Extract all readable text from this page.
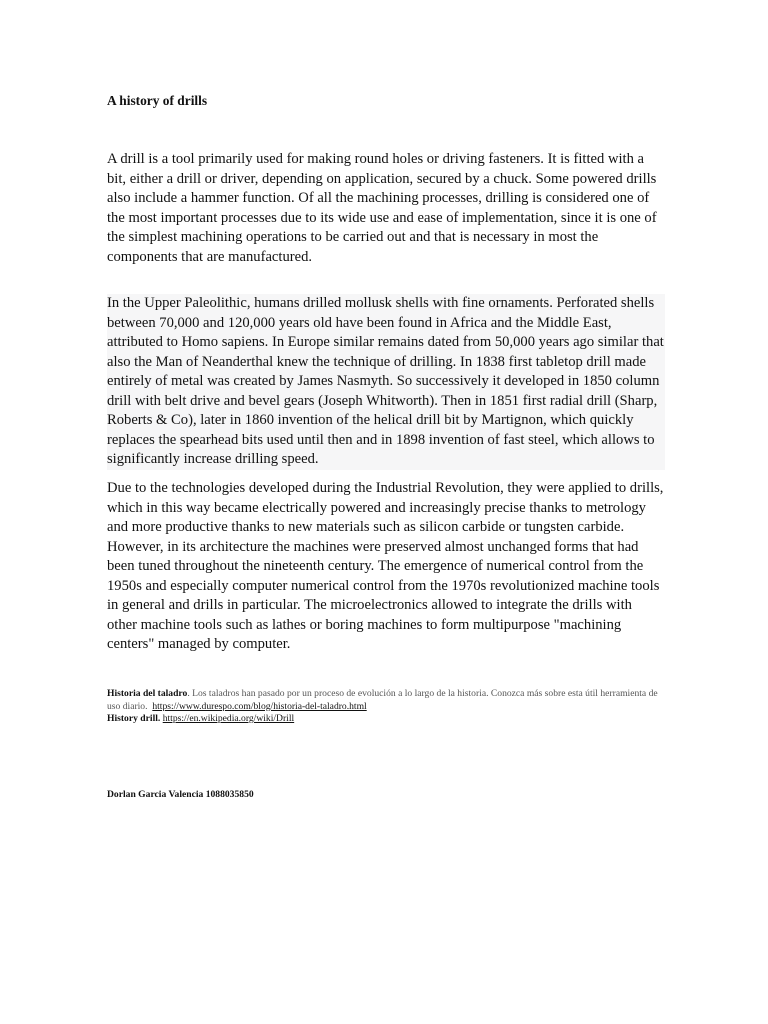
A history of drills
A drill is a tool primarily used for making round holes or driving fasteners. It is fitted with a bit, either a drill or driver, depending on application, secured by a chuck. Some powered drills also include a hammer function. Of all the machining processes, drilling is considered one of the most important processes due to its wide use and ease of implementation, since it is one of the simplest machining operations to be carried out and that is necessary in most the components that are manufactured.
In the Upper Paleolithic, humans drilled mollusk shells with fine ornaments. Perforated shells between 70,000 and 120,000 years old have been found in Africa and the Middle East, attributed to Homo sapiens. In Europe similar remains dated from 50,000 years ago similar that also the Man of Neanderthal knew the technique of drilling. In 1838 first tabletop drill made entirely of metal was created by James Nasmyth. So successively it developed in 1850 column drill with belt drive and bevel gears (Joseph Whitworth). Then in 1851 first radial drill (Sharp, Roberts & Co), later in 1860 invention of the helical drill bit by Martignon, which quickly replaces the spearhead bits used until then and in 1898 invention of fast steel, which allows to significantly increase drilling speed.
Due to the technologies developed during the Industrial Revolution, they were applied to drills, which in this way became electrically powered and increasingly precise thanks to metrology and more productive thanks to new materials such as silicon carbide or tungsten carbide. However, in its architecture the machines were preserved almost unchanged forms that had been tuned throughout the nineteenth century. The emergence of numerical control from the 1950s and especially computer numerical control from the 1970s revolutionized machine tools in general and drills in particular. The microelectronics allowed to integrate the drills with other machine tools such as lathes or boring machines to form multipurpose "machining centers" managed by computer.
Historia del taladro. Los taladros han pasado por un proceso de evolución a lo largo de la historia. Conozca más sobre esta útil herramienta de uso diario. https://www.durespo.com/blog/historia-del-taladro.html
History drill. https://en.wikipedia.org/wiki/Drill
Dorlan Garcia Valencia 1088035850
